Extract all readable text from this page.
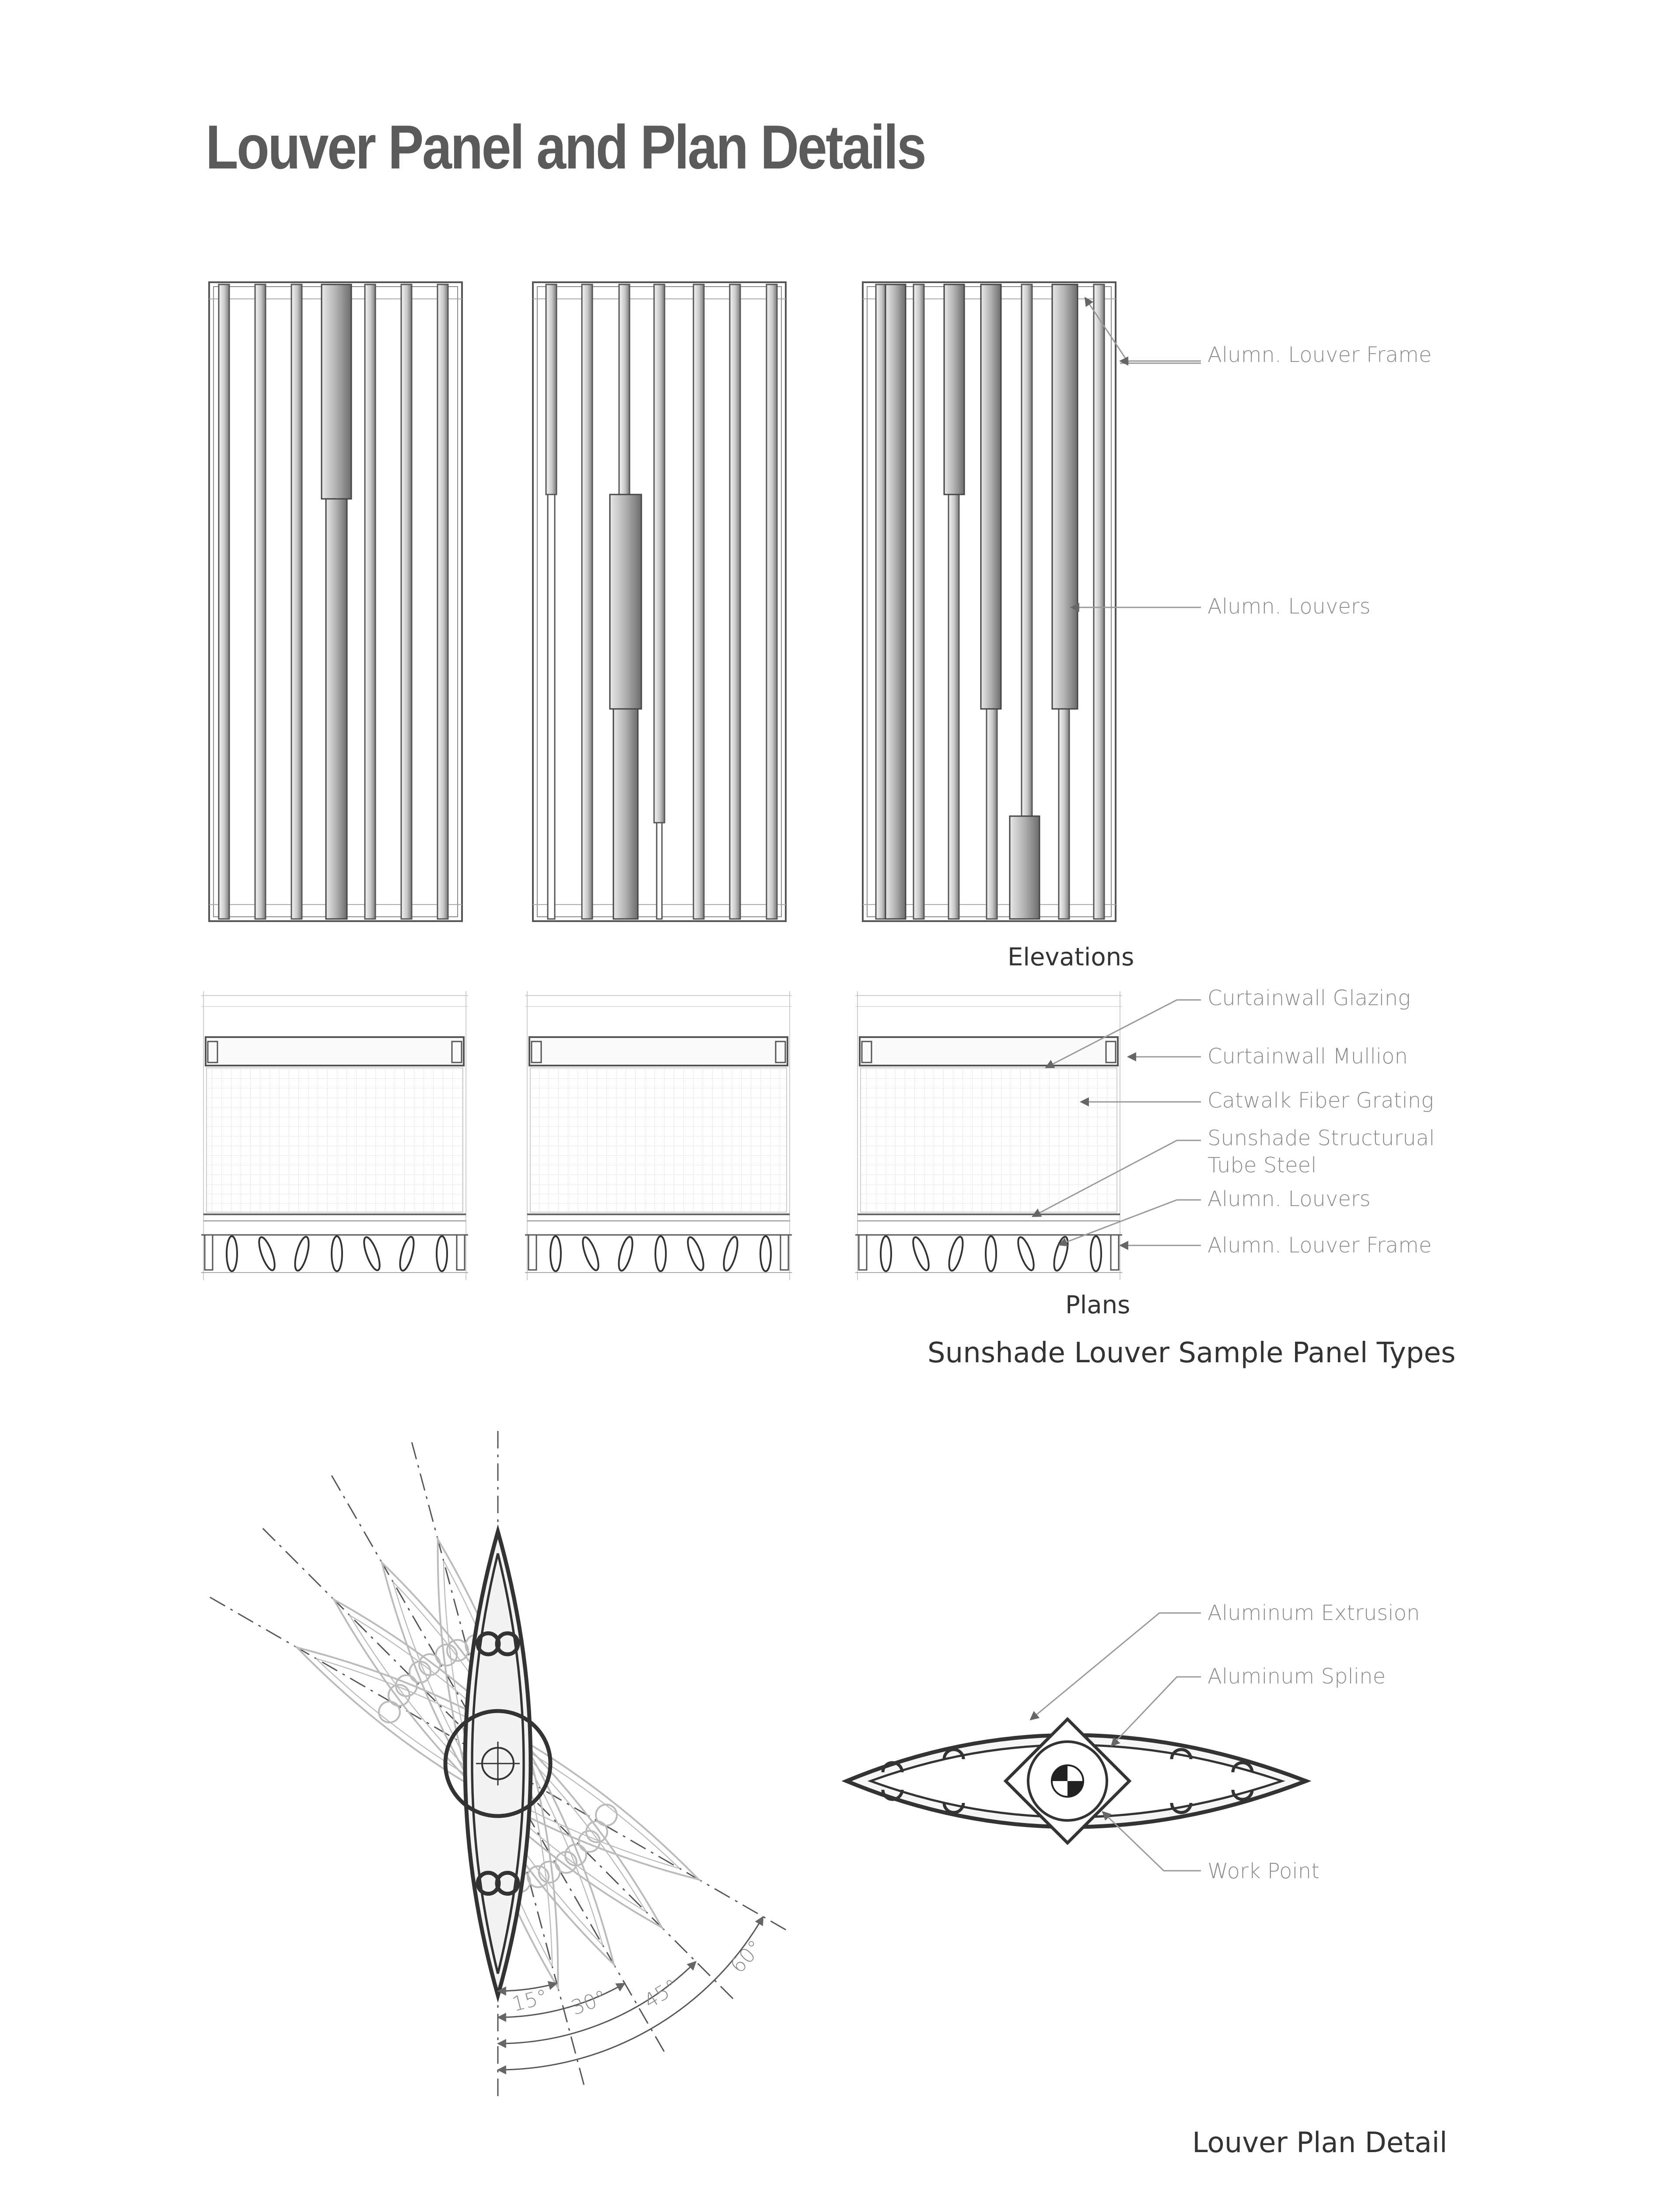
Louver Panel and Plan Details
Alumn. Louver Frame
Alumn. Louvers
Elevations
Curtainwall Glazing
Curtainwall Mullion
Catwalk Fiber Grating
Sunshade Structurual
Tube Steel
Alumn. Louvers
Alumn. Louver Frame
Plans
Sunshade Louver Sample Panel Types
15° 30° 45°
60°
Aluminum Extrusion
Aluminum Spline
Work Point
Louver Plan Detail
